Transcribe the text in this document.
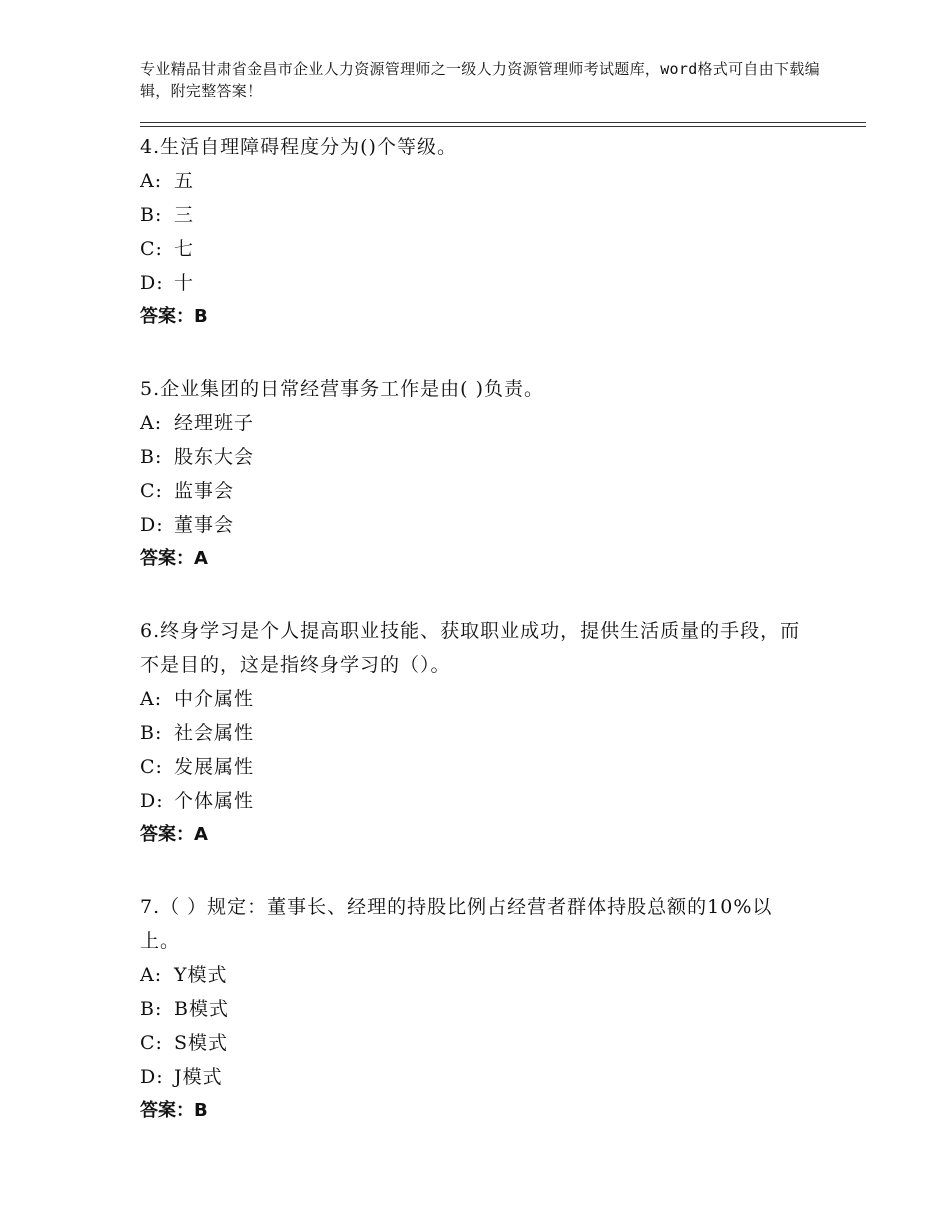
专业精品甘肃省金昌市企业人力资源管理师之一级人力资源管理师考试题库，word格式可自由下载编辑，附完整答案！
4.生活自理障碍程度分为()个等级。
A: 五
B: 三
C: 七
D: 十
答案：B
5.企业集团的日常经营事务工作是由( )负责。
A: 经理班子
B: 股东大会
C: 监事会
D: 董事会
答案：A
6.终身学习是个人提高职业技能、获取职业成功，提供生活质量的手段，而不是目的，这是指终身学习的（）。
A: 中介属性
B: 社会属性
C: 发展属性
D: 个体属性
答案：A
7.（ ）规定：董事长、经理的持股比例占经营者群体持股总额的10%以上。
A: Y模式
B: B模式
C: S模式
D: J模式
答案：B
